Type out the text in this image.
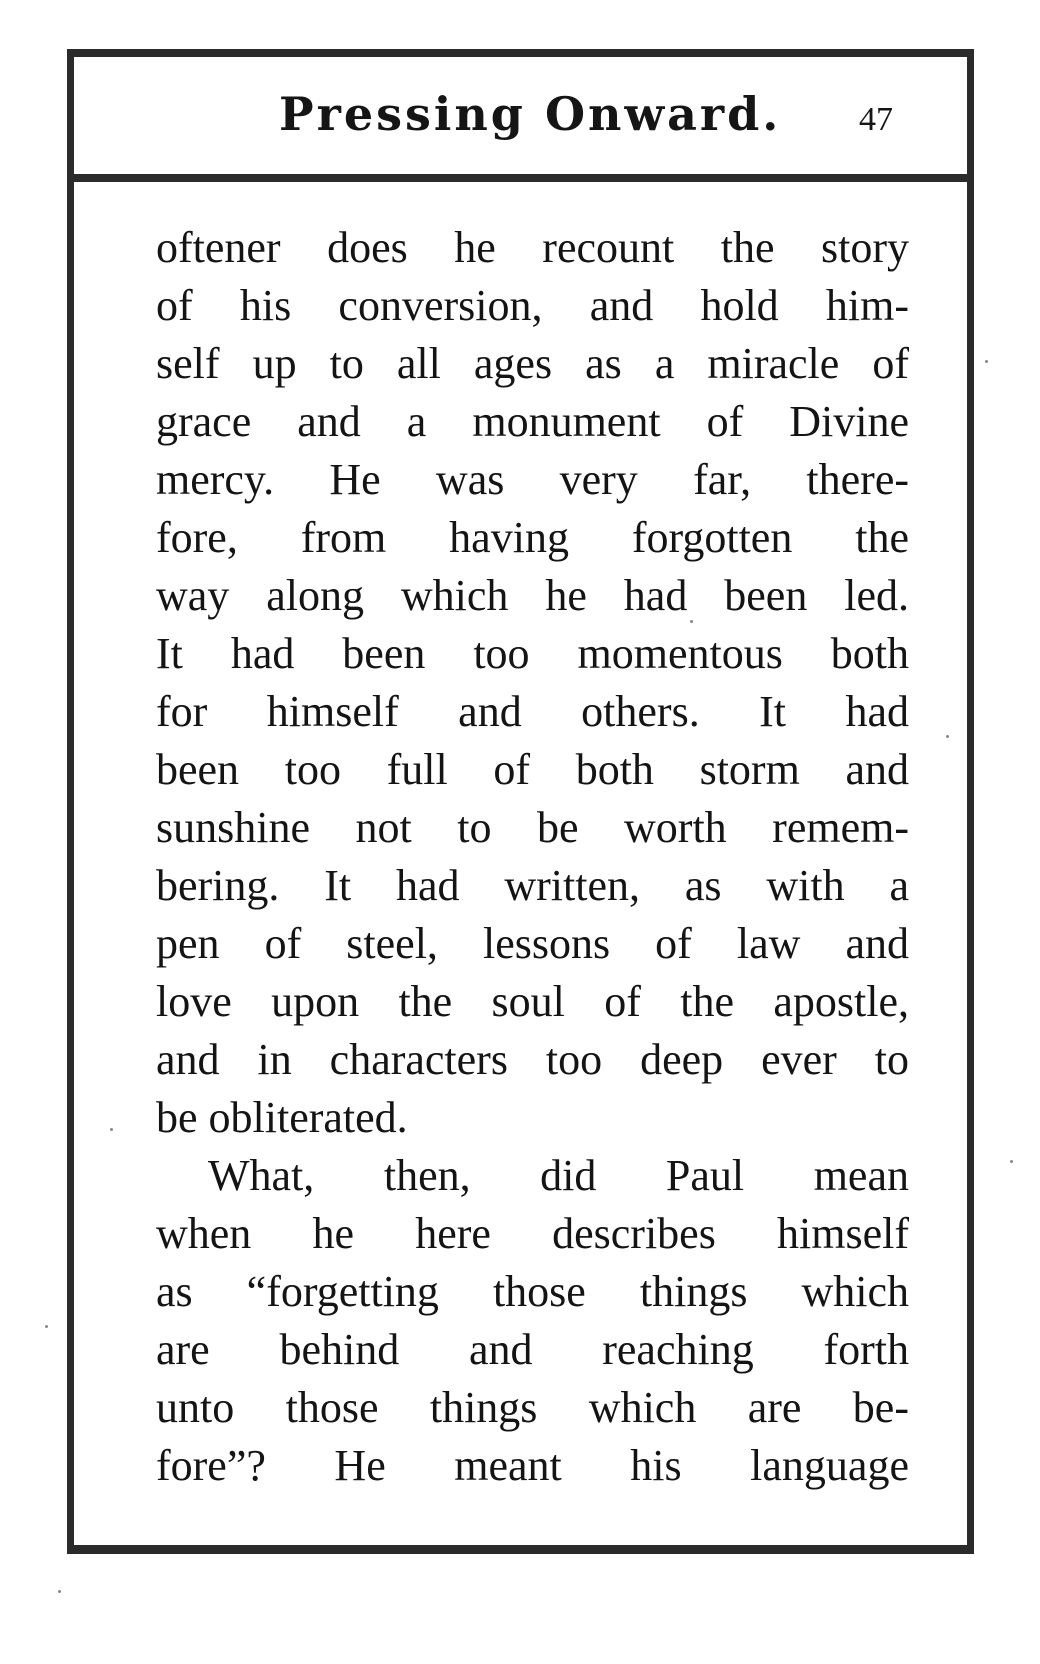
Pressing Onward. 47
oftener does he recount the story
of his conversion, and hold him-
self up to all ages as a miracle of
grace and a monument of Divine
mercy. He was very far, there-
fore, from having forgotten the
way along which he had been led.
It had been too momentous both
for himself and others. It had
been too full of both storm and
sunshine not to be worth remem-
bering. It had written, as with a
pen of steel, lessons of law and
love upon the soul of the apostle,
and in characters too deep ever to
be obliterated.
What, then, did Paul mean
when he here describes himself
as “forgetting those things which
are behind and reaching forth
unto those things which are be-
fore”? He meant his language
